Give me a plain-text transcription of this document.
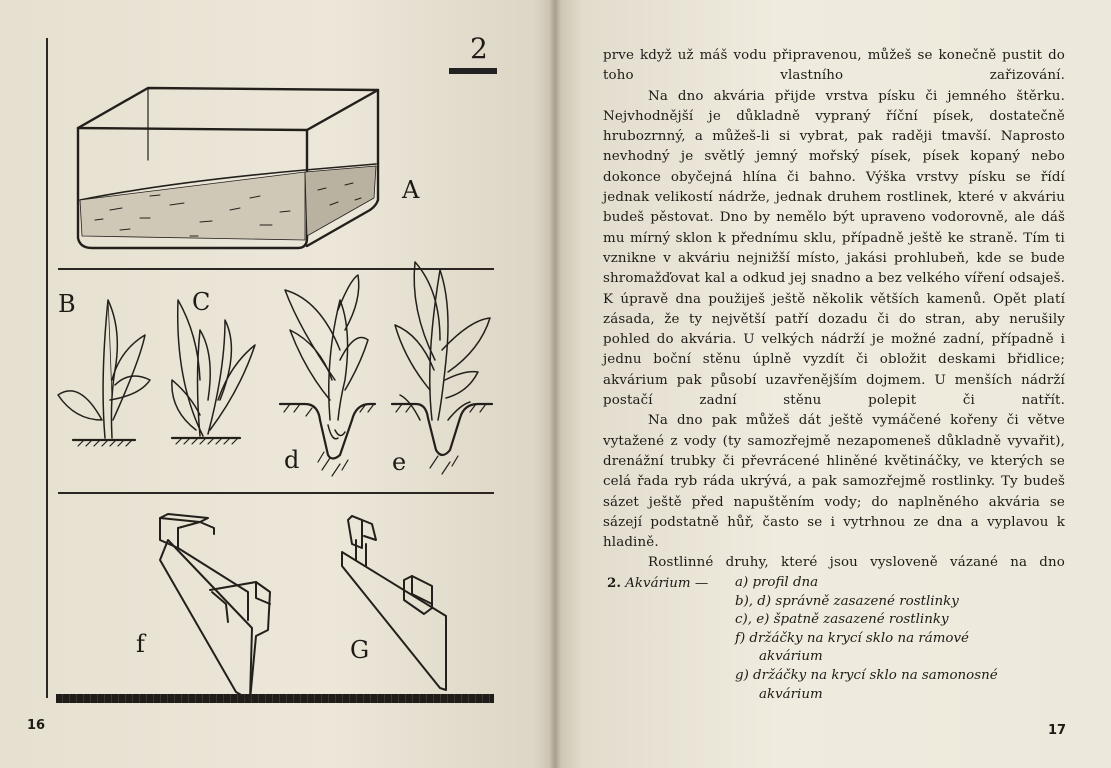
2
A
B	C
d	e
f	G
16

prve když už máš vodu připravenou, můžeš se konečně pustit do toho vlastního zařizování.

Na dno akvária přijde vrstva písku či jemného štěrku. Nejvhodnější je důkladně vypraný říční písek, dostatečně hrubozrnný, a můžeš-li si vybrat, pak raději tmavší. Naprosto nevhodný je světlý jemný mořský písek, písek kopaný nebo dokonce obyčejná hlína či bahno. Výška vrstvy písku se řídí jednak velikostí nádrže, jednak druhem rostlinek, které v akváriu budeš pěstovat. Dno by nemělo být upraveno vodorovně, ale dáš mu mírný sklon k přednímu sklu, případně ještě ke straně. Tím ti vznikne v akváriu nejnižší místo, jakási prohlubeň, kde se bude shromažďovat kal a odkud jej snadno a bez velkého víření odsaješ. K úpravě dna použiješ ještě několik větších kamenů. Opět platí zásada, že ty největší patří dozadu či do stran, aby nerušily pohled do akvária. U velkých nádrží je možné zadní, případně i jednu boční stěnu úplně vyzdít či obložit deskami břidlice; akvárium pak působí uzavřenějším dojmem. U menších nádrží postačí zadní stěnu polepit či natřít.

Na dno pak můžeš dát ještě vymáčené kořeny či větve vytažené z vody (ty samozřejmě nezapomeneš důkladně vyvařit), drenážní trubky či převrácené hliněné květináčky, ve kterých se celá řada ryb ráda ukrývá, a pak samozřejmě rostlinky. Ty budeš sázet ještě před napuštěním vody; do naplněného akvária se sázejí podstatně hůř, často se i vytrhnou ze dna a vyplavou k hladině.

Rostlinné druhy, které jsou vysloveně vázané na dno

2. Akvárium — a) profil dna
b), d) správně zasazené rostlinky
c), e) špatně zasazené rostlinky
f) držáčky na krycí sklo na rámové
akvárium
g) držáčky na krycí sklo na samonosné
akvárium
17
